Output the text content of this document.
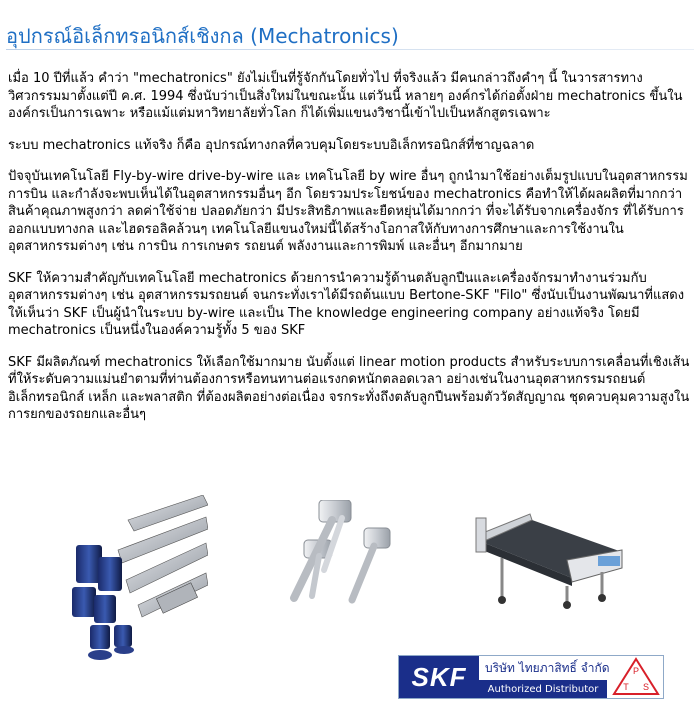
อุปกรณ์อิเล็กทรอนิกส์เชิงกล (Mechatronics)

เมื่อ 10 ปีที่แล้ว คำว่า "mechatronics" ยังไม่เป็นที่รู้จักกันโดยทั่วไป ที่จริงแล้ว มีคนกล่าวถึงคำๆ นี้ ในวารสารทางวิศวกรรมมาตั้งแต่ปี ค.ศ. 1994 ซึ่งนับว่าเป็นสิ่งใหม่ในขณะนั้น แต่วันนี้ หลายๆ องค์กรได้ก่อตั้งฝ่าย mechatronics ขึ้นในองค์กรเป็นการเฉพาะ หรือแม้แต่มหาวิทยาลัยทั่วโลก ก็ได้เพิ่มแขนงวิชานี้เข้าไปเป็นหลักสูตรเฉพาะ

ระบบ mechatronics แท้จริง ก็คือ อุปกรณ์ทางกลที่ควบคุมโดยระบบอิเล็กทรอนิกส์ที่ชาญฉลาด

ปัจจุบันเทคโนโลยี Fly-by-wire drive-by-wire และ เทคโนโลยี by wire อื่นๆ ถูกนำมาใช้อย่างเต็มรูปแบบในอุตสาหกรรมการบิน และกำลังจะพบเห็นได้ในอุตสาหกรรมอื่นๆ อีก โดยรวมประโยชน์ของ mechatronics คือทำให้ได้ผลผลิตที่มากกว่า สินค้าคุณภาพสูงกว่า ลดค่าใช้จ่าย ปลอดภัยกว่า มีประสิทธิภาพและยืดหยุ่นได้มากกว่า ที่จะได้รับจากเครื่องจักร ที่ได้รับการออกแบบทางกล และไฮดรอลิคล้วนๆ เทคโนโลยีแขนงใหม่นี้ได้สร้างโอกาสให้กับทางการศึกษาและการใช้งานในอุตสาหกรรมต่างๆ เช่น การบิน การเกษตร รถยนต์ พลังงานและการพิมพ์ และอื่นๆ อีกมากมาย

SKF ให้ความสำคัญกับเทคโนโลยี mechatronics ด้วยการนำความรู้ด้านตลับลูกปืนและเครื่องจักรมาทำงานร่วมกับอุตสาหกรรมต่างๆ เช่น อุตสาหกรรมรถยนต์ จนกระทั่งเราได้มีรถต้นแบบ Bertone-SKF "Filo" ซึ่งนับเป็นงานพัฒนาที่แสดงให้เห็นว่า SKF เป็นผู้นำในระบบ by-wire และเป็น The knowledge engineering company อย่างแท้จริง โดยมี mechatronics เป็นหนึ่งในองค์ความรู้ทั้ง 5 ของ SKF

SKF มีผลิตภัณฑ์ mechatronics ให้เลือกใช้มากมาย นับตั้งแต่ linear motion products สำหรับระบบการเคลื่อนที่เชิงเส้นที่ให้ระดับความแม่นยำตามที่ท่านต้องการหรือทนทานต่อแรงกดหนักตลอดเวลา อย่างเช่นในงานอุตสาหกรรมรถยนต์ อิเล็กทรอนิกส์ เหล็ก และพลาสติก ที่ต้องผลิตอย่างต่อเนื่อง จรกระทั่งถึงตลับลูกปืนพร้อมตัววัดสัญญาณ ชุดควบคุมความสูงในการยกของรถยกและอื่นๆ

SKF บริษัท ไทยภาสิทธิ์ จำกัด
Authorized Distributor
P
T S
